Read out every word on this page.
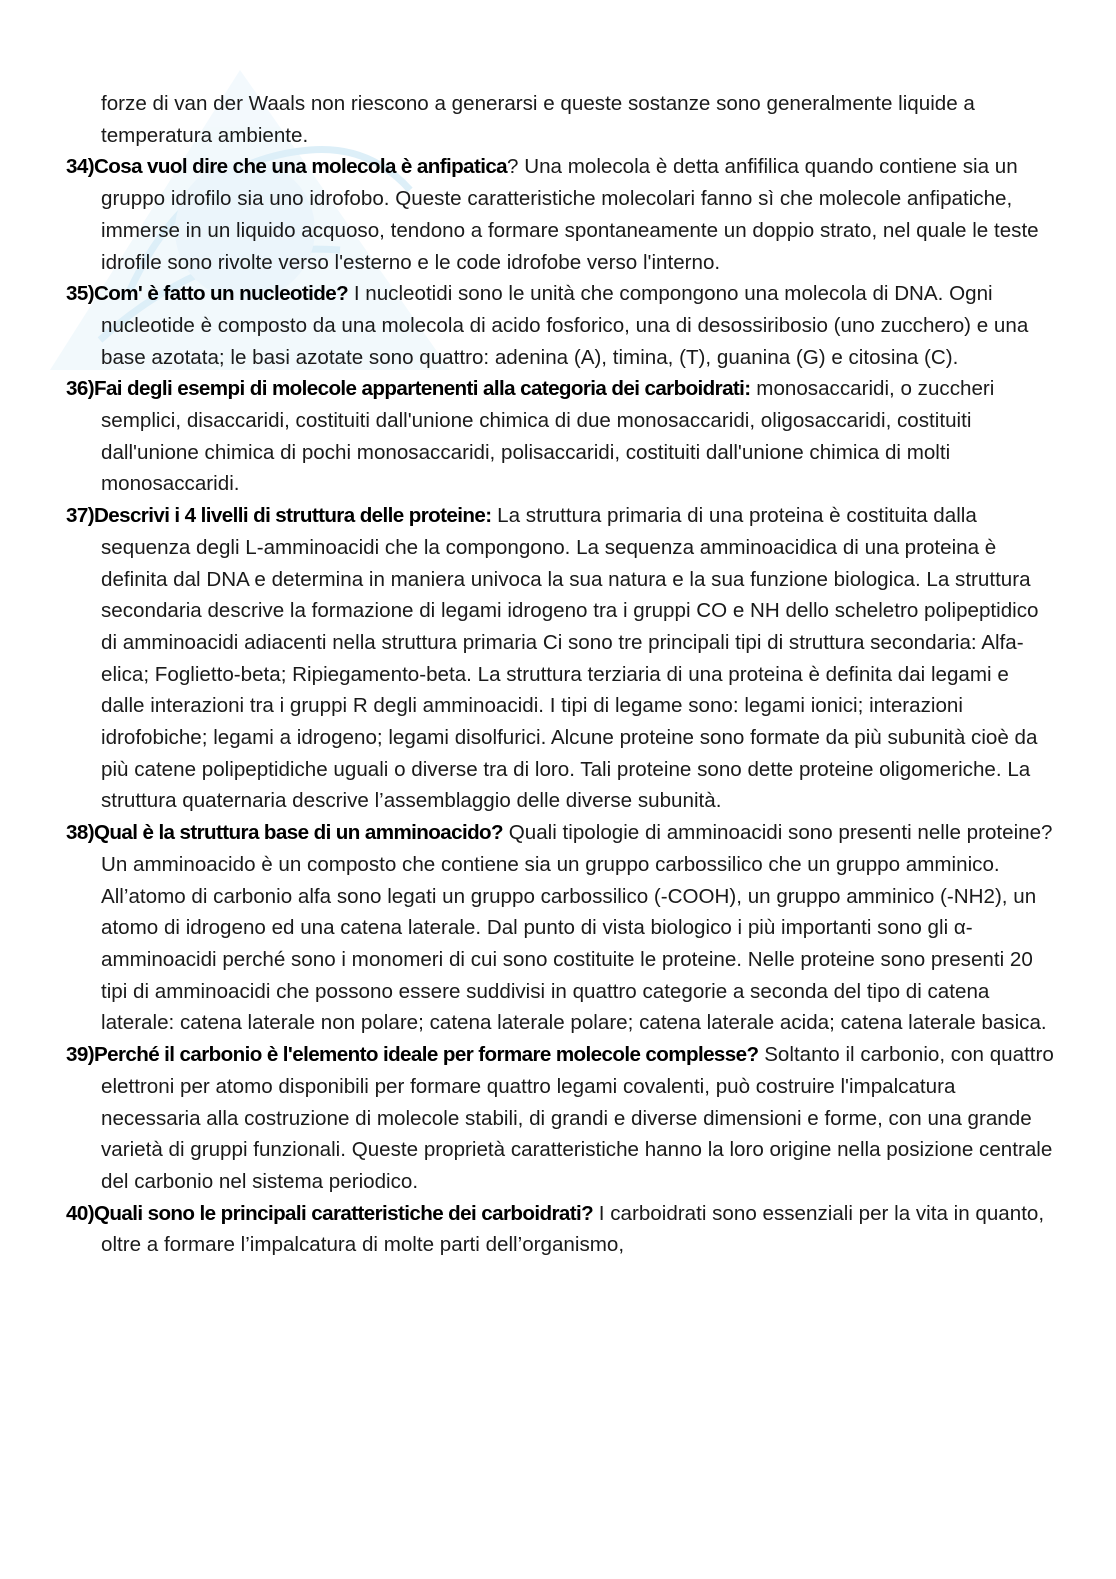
forze di van der Waals non riescono a generarsi e queste sostanze sono generalmente liquide a temperatura ambiente.

34)Cosa vuol dire che una molecola è anfipatica? Una molecola è detta anfifilica quando contiene sia un gruppo idrofilo sia uno idrofobo. Queste caratteristiche molecolari fanno sì che molecole anfipatiche, immerse in un liquido acquoso, tendono a formare spontaneamente un doppio strato, nel quale le teste idrofile sono rivolte verso l'esterno e le code idrofobe verso l'interno.

35)Com' è fatto un nucleotide? I nucleotidi sono le unità che compongono una molecola di DNA. Ogni nucleotide è composto da una molecola di acido fosforico, una di desossiribosio (uno zucchero) e una base azotata; le basi azotate sono quattro: adenina (A), timina, (T), guanina (G) e citosina (C).

36)Fai degli esempi di molecole appartenenti alla categoria dei carboidrati: monosaccaridi, o zuccheri semplici, disaccaridi, costituiti dall'unione chimica di due monosaccaridi, oligosaccaridi, costituiti dall'unione chimica di pochi monosaccaridi, polisaccaridi, costituiti dall'unione chimica di molti monosaccaridi.

37)Descrivi i 4 livelli di struttura delle proteine: La struttura primaria di una proteina è costituita dalla sequenza degli L-amminoacidi che la compongono. La sequenza amminoacidica di una proteina è definita dal DNA e determina in maniera univoca la sua natura e la sua funzione biologica. La struttura secondaria descrive la formazione di legami idrogeno tra i gruppi CO e NH dello scheletro polipeptidico di amminoacidi adiacenti nella struttura primaria Ci sono tre principali tipi di struttura secondaria: Alfa-elica; Foglietto-beta; Ripiegamento-beta. La struttura terziaria di una proteina è definita dai legami e dalle interazioni tra i gruppi R degli amminoacidi. I tipi di legame sono: legami ionici; interazioni idrofobiche; legami a idrogeno; legami disolfurici. Alcune proteine sono formate da più subunità cioè da più catene polipeptidiche uguali o diverse tra di loro. Tali proteine sono dette proteine oligomeriche. La struttura quaternaria descrive l’assemblaggio delle diverse subunità.

38)Qual è la struttura base di un amminoacido? Quali tipologie di amminoacidi sono presenti nelle proteine? Un amminoacido è un composto che contiene sia un gruppo carbossilico che un gruppo amminico. All’atomo di carbonio alfa sono legati un gruppo carbossilico (-COOH), un gruppo amminico (-NH2), un atomo di idrogeno ed una catena laterale. Dal punto di vista biologico i più importanti sono gli α-amminoacidi perché sono i monomeri di cui sono costituite le proteine. Nelle proteine sono presenti 20 tipi di amminoacidi che possono essere suddivisi in quattro categorie a seconda del tipo di catena laterale: catena laterale non polare; catena laterale polare; catena laterale acida; catena laterale basica.

39)Perché il carbonio è l'elemento ideale per formare molecole complesse? Soltanto il carbonio, con quattro elettroni per atomo disponibili per formare quattro legami covalenti, può costruire l'impalcatura necessaria alla costruzione di molecole stabili, di grandi e diverse dimensioni e forme, con una grande varietà di gruppi funzionali. Queste proprietà caratteristiche hanno la loro origine nella posizione centrale del carbonio nel sistema periodico.

40)Quali sono le principali caratteristiche dei carboidrati? I carboidrati sono essenziali per la vita in quanto, oltre a formare l’impalcatura di molte parti dell’organismo,
